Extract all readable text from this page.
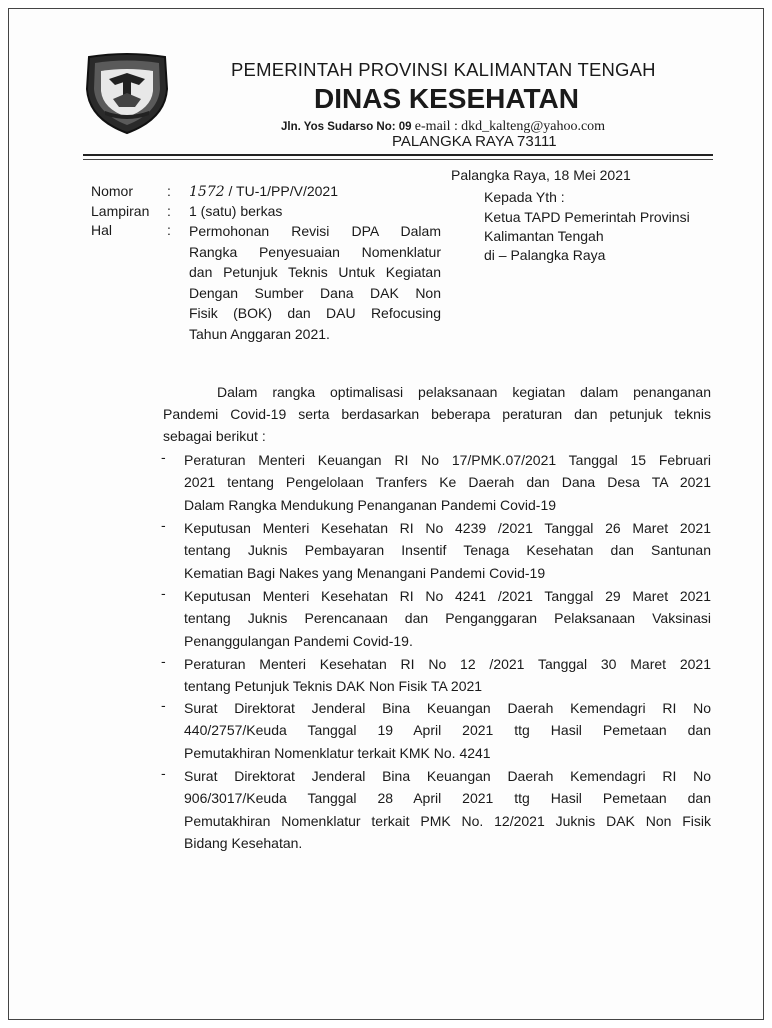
PEMERINTAH PROVINSI KALIMANTAN TENGAH
DINAS KESEHATAN
Jln. Yos Sudarso No: 09 e-mail : dkd_kalteng@yahoo.com
PALANGKA RAYA 73111
Palangka Raya, 18 Mei 2021
Nomor : 1572 / TU-1/PP/V/2021
Lampiran : 1 (satu) berkas
Hal	: Permohonan Revisi DPA Dalam
Rangka Penyesuaian Nomenklatur
dan Petunjuk Teknis Untuk Kegiatan
Dengan Sumber Dana DAK Non
Fisik (BOK) dan DAU Refocusing
Tahun Anggaran 2021.
Kepada Yth :
Ketua TAPD Pemerintah Provinsi
Kalimantan Tengah
di – Palangka Raya
Dalam rangka optimalisasi pelaksanaan kegiatan dalam penanganan
Pandemi Covid-19 serta berdasarkan beberapa peraturan dan petunjuk teknis
sebagai berikut :
- Peraturan Menteri Keuangan RI No 17/PMK.07/2021 Tanggal 15 Februari
2021 tentang Pengelolaan Tranfers Ke Daerah dan Dana Desa TA 2021
Dalam Rangka Mendukung Penanganan Pandemi Covid-19
- Keputusan Menteri Kesehatan RI No 4239 /2021 Tanggal 26 Maret 2021
tentang Juknis Pembayaran Insentif Tenaga Kesehatan dan Santunan
Kematian Bagi Nakes yang Menangani Pandemi Covid-19
- Keputusan Menteri Kesehatan RI No 4241 /2021 Tanggal 29 Maret 2021
tentang Juknis Perencanaan dan Penganggaran Pelaksanaan Vaksinasi
Penanggulangan Pandemi Covid-19.
- Peraturan Menteri Kesehatan RI No 12 /2021 Tanggal 30 Maret 2021
tentang Petunjuk Teknis DAK Non Fisik TA 2021
- Surat Direktorat Jenderal Bina Keuangan Daerah Kemendagri RI No
440/2757/Keuda Tanggal 19 April 2021 ttg Hasil Pemetaan dan
Pemutakhiran Nomenklatur terkait KMK No. 4241
- Surat Direktorat Jenderal Bina Keuangan Daerah Kemendagri RI No
906/3017/Keuda Tanggal 28 April 2021 ttg Hasil Pemetaan dan
Pemutakhiran Nomenklatur terkait PMK No. 12/2021 Juknis DAK Non Fisik
Bidang Kesehatan.
